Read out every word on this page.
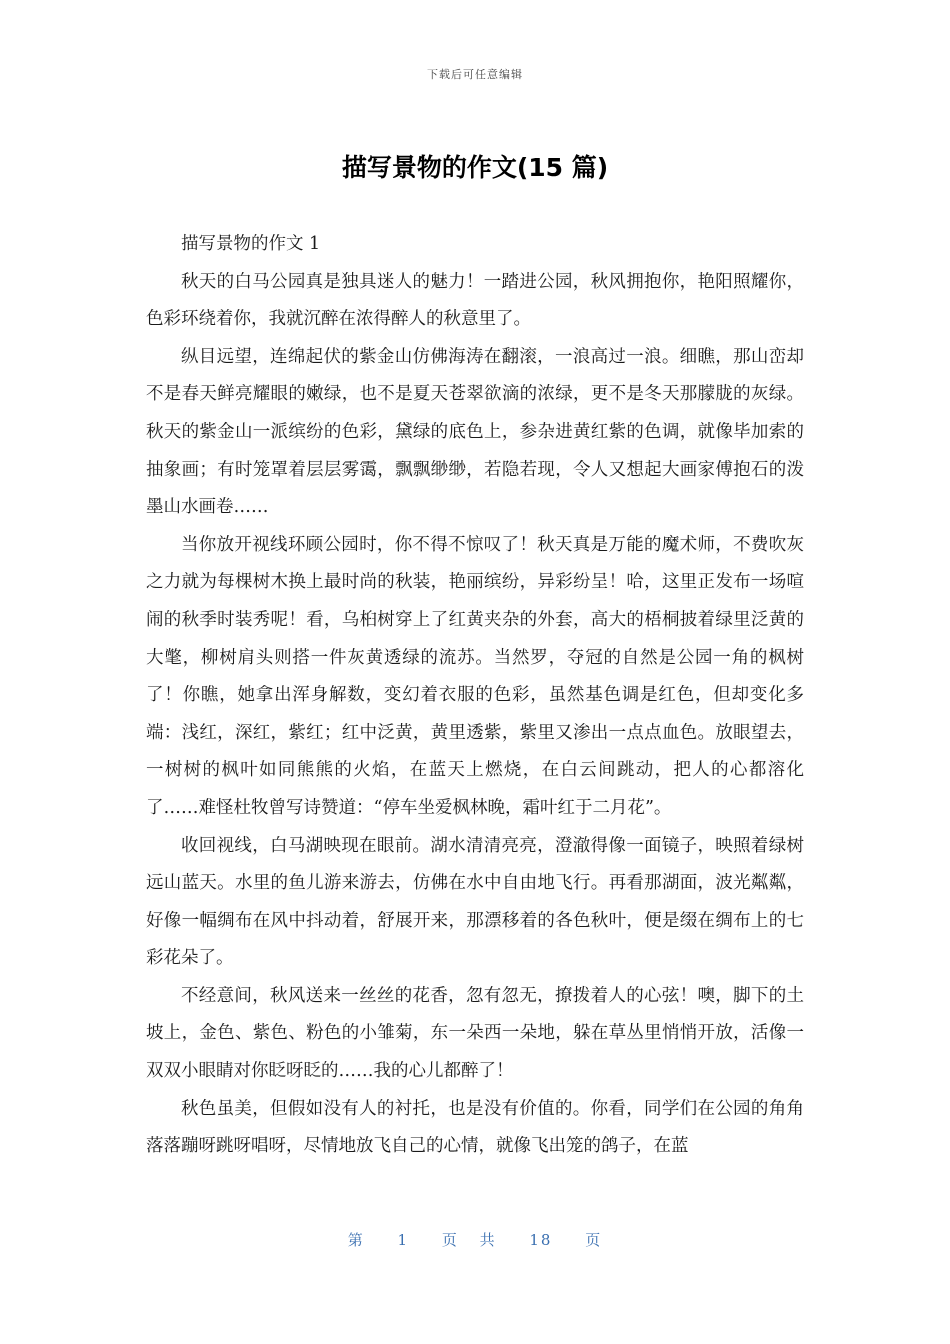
下载后可任意编辑
描写景物的作文(15 篇)

描写景物的作文 1

秋天的白马公园真是独具迷人的魅力！一踏进公园，秋风拥抱你，艳阳照耀你，色彩环绕着你，我就沉醉在浓得醉人的秋意里了。

纵目远望，连绵起伏的紫金山仿佛海涛在翻滚，一浪高过一浪。细瞧，那山峦却不是春天鲜亮耀眼的嫩绿，也不是夏天苍翠欲滴的浓绿，更不是冬天那朦胧的灰绿。秋天的紫金山一派缤纷的色彩，黛绿的底色上，参杂进黄红紫的色调，就像毕加索的抽象画；有时笼罩着层层雾霭，飘飘缈缈，若隐若现，令人又想起大画家傅抱石的泼墨山水画卷……

当你放开视线环顾公园时，你不得不惊叹了！秋天真是万能的魔术师，不费吹灰之力就为每棵树木换上最时尚的秋装，艳丽缤纷，异彩纷呈！哈，这里正发布一场喧闹的秋季时装秀呢！看，乌桕树穿上了红黄夹杂的外套，高大的梧桐披着绿里泛黄的大氅，柳树肩头则搭一件灰黄透绿的流苏。当然罗，夺冠的自然是公园一角的枫树了！你瞧，她拿出浑身解数，变幻着衣服的色彩，虽然基色调是红色，但却变化多端：浅红，深红，紫红；红中泛黄，黄里透紫，紫里又渗出一点点血色。放眼望去，一树树的枫叶如同熊熊的火焰，在蓝天上燃烧，在白云间跳动，把人的心都溶化了……难怪杜牧曾写诗赞道：“停车坐爱枫林晚，霜叶红于二月花”。

收回视线，白马湖映现在眼前。湖水清清亮亮，澄澈得像一面镜子，映照着绿树远山蓝天。水里的鱼儿游来游去，仿佛在水中自由地飞行。再看那湖面，波光粼粼，好像一幅绸布在风中抖动着，舒展开来，那漂移着的各色秋叶，便是缀在绸布上的七彩花朵了。

不经意间，秋风送来一丝丝的花香，忽有忽无，撩拨着人的心弦！噢，脚下的土坡上，金色、紫色、粉色的小雏菊，东一朵西一朵地，躲在草丛里悄悄开放，活像一双双小眼睛对你眨呀眨的……我的心儿都醉了！

秋色虽美，但假如没有人的衬托，也是没有价值的。你看，同学们在公园的角角落落蹦呀跳呀唱呀，尽情地放飞自己的心情，就像飞出笼的鸽子，在蓝

第 1 页 共 18 页
